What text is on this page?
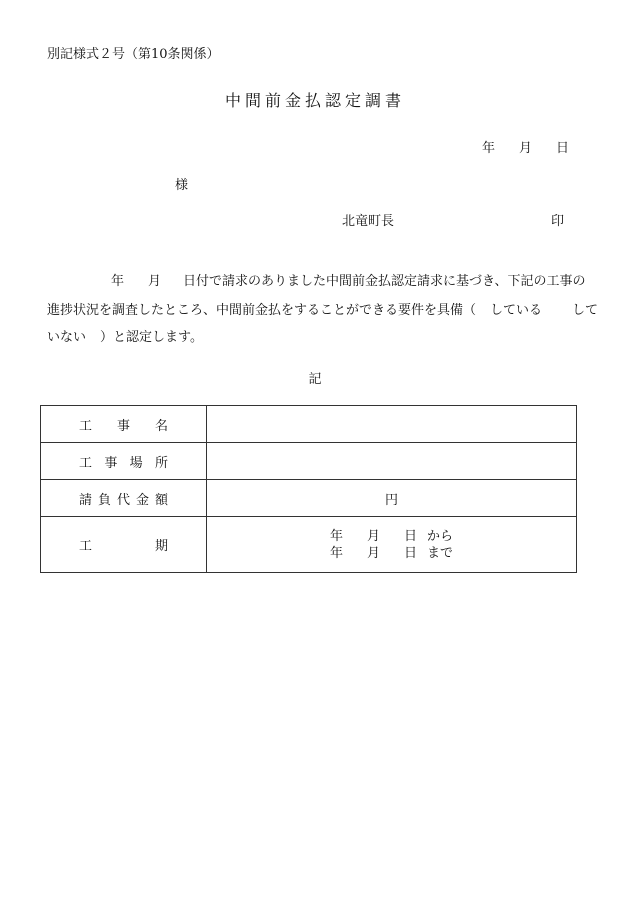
別記様式２号（第10条関係）
中間前金払認定調書
年 月 日
様
北竜町長	印
年 月 日付で請求のありました中間前金払認定請求に基づき、下記の工事の
進捗状況を調査したところ、中間前金払をすることができる要件を具備（ している して
いない ）と認定します。
記
工 事 名	

工 事 場 所	

請 負 代 金 額	円

工 期	年 月 日 から
年 月 日 まで
